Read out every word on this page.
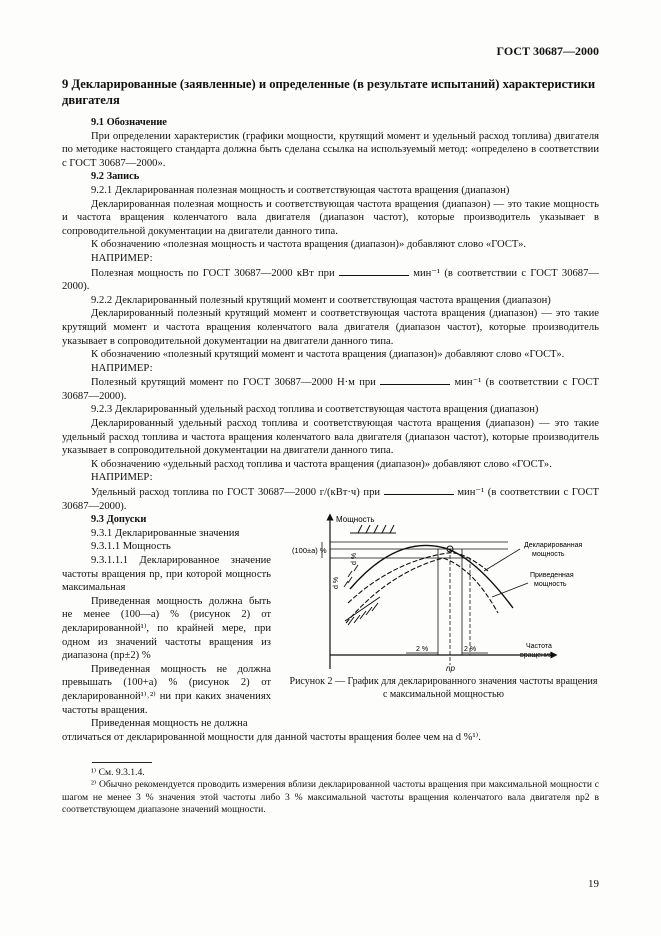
ГОСТ 30687—2000
9 Декларированные (заявленные) и определенные (в результате испытаний) характеристики двигателя
9.1 Обозначение

При определении характеристик (графики мощности, крутящий момент и удельный расход топлива) двигателя по методике настоящего стандарта должна быть сделана ссылка на используемый метод: «определено в соответствии с ГОСТ 30687—2000».

9.2 Запись

9.2.1 Декларированная полезная мощность и соответствующая частота вращения (диапазон)

Декларированная полезная мощность и соответствующая частота вращения (диапазон) — это такие мощность и частота вращения коленчатого вала двигателя (диапазон частот), которые производитель указывает в сопроводительной документации на двигатели данного типа.

К обозначению «полезная мощность и частота вращения (диапазон)» добавляют слово «ГОСТ».

НАПРИМЕР:

Полезная мощность по ГОСТ 30687—2000 кВт при	мин⁻¹ (в соответствии с ГОСТ 30687—2000).

9.2.2 Декларированный полезный крутящий момент и соответствующая частота вращения (диапазон)

Декларированный полезный крутящий момент и соответствующая частота вращения (диапазон) — это такие крутящий момент и частота вращения коленчатого вала двигателя (диапазон частот), которые производитель указывает в сопроводительной документации на двигатели данного типа.

К обозначению «полезный крутящий момент и частота вращения (диапазон)» добавляют слово «ГОСТ».

НАПРИМЕР:

Полезный крутящий момент по ГОСТ 30687—2000 Н·м при	мин⁻¹ (в соответствии с ГОСТ 30687—2000).

9.2.3 Декларированный удельный расход топлива и соответствующая частота вращения (диапазон)

Декларированный удельный расход топлива и соответствующая частота вращения (диапазон) — это такие удельный расход топлива и частота вращения коленчатого вала двигателя (диапазон частот), которые производитель указывает в сопроводительной документации на двигатели данного типа.

К обозначению «удельный расход топлива и частота вращения (диапазон)» добавляют слово «ГОСТ».

НАПРИМЕР:

Удельный расход топлива по ГОСТ 30687—2000 г/(кВт·ч) при	мин⁻¹ (в соответствии с ГОСТ 30687—2000).

9.3 Допуски

9.3.1 Декларированные значения

9.3.1.1 Мощность

9.3.1.1.1 Декларированное значение частоты вращения nр, при которой мощность максимальная

Приведенная мощность должна быть не менее (100—a) % (рисунок 2) от декларированной¹⁾, по крайней мере, при одном из значений частоты вращения из диапазона (nр±2) %

Приведенная мощность не должна превышать (100+a) % (рисунок 2) от декларированной¹⁾˒²⁾ ни при каких значениях частоты вращения.

Приведенная мощность не должна

Мощность
Частота
вращения
(100±a) %
d %
d %
2 %	2 %
nр
Декларированная
мощность
Приведенная
мощность
Рисунок 2 — График для декларированного значения частоты вращения с максимальной мощностью

отличаться от декларированной мощности для данной частоты вращения более чем на d %¹⁾.

¹⁾ См. 9.3.1.4.

²⁾ Обычно рекомендуется проводить измерения вблизи декларированной частоты вращения при максимальной мощности с шагом не менее 3 % значения этой частоты либо 3 % максимальной частоты вращения коленчатого вала двигателя nр2 в соответствующем диапазоне значений мощности.

19
